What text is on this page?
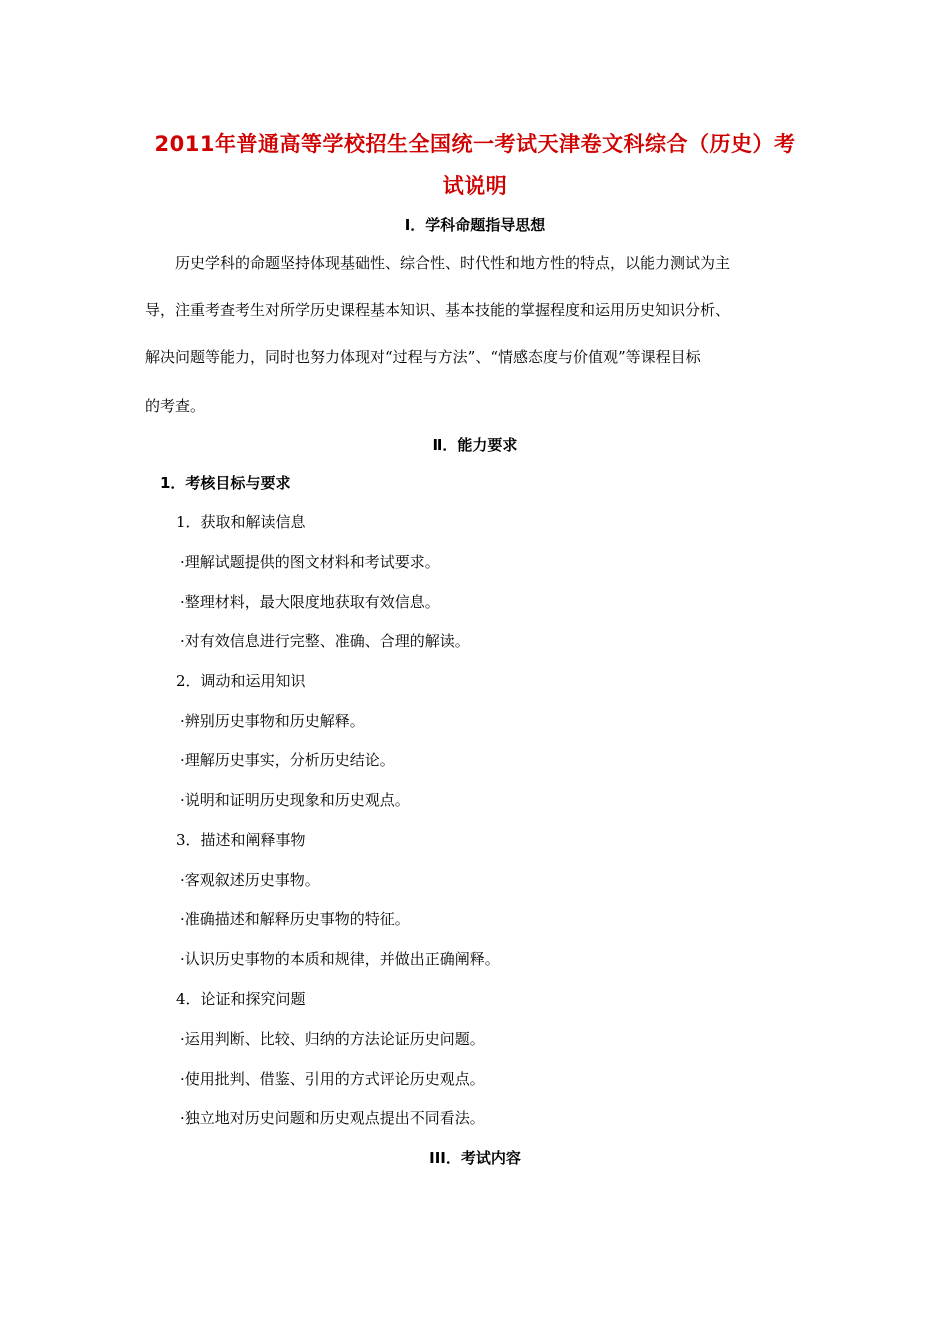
2011年普通高等学校招生全国统一考试天津卷文科综合（历史）考
试说明
Ⅰ．学科命题指导思想
历史学科的命题坚持体现基础性、综合性、时代性和地方性的特点，以能力测试为主
导，注重考查考生对所学历史课程基本知识、基本技能的掌握程度和运用历史知识分析、
解决问题等能力，同时也努力体现对“过程与方法”、“情感态度与价值观”等课程目标
的考查。
Ⅱ．能力要求
1．考核目标与要求
1．获取和解读信息
·理解试题提供的图文材料和考试要求。
·整理材料，最大限度地获取有效信息。
·对有效信息进行完整、准确、合理的解读。
2．调动和运用知识
·辨别历史事物和历史解释。
·理解历史事实，分析历史结论。
·说明和证明历史现象和历史观点。
3．描述和阐释事物
·客观叙述历史事物。
·准确描述和解释历史事物的特征。
·认识历史事物的本质和规律，并做出正确阐释。
4．论证和探究问题
·运用判断、比较、归纳的方法论证历史问题。
·使用批判、借鉴、引用的方式评论历史观点。
·独立地对历史问题和历史观点提出不同看法。
III．考试内容
